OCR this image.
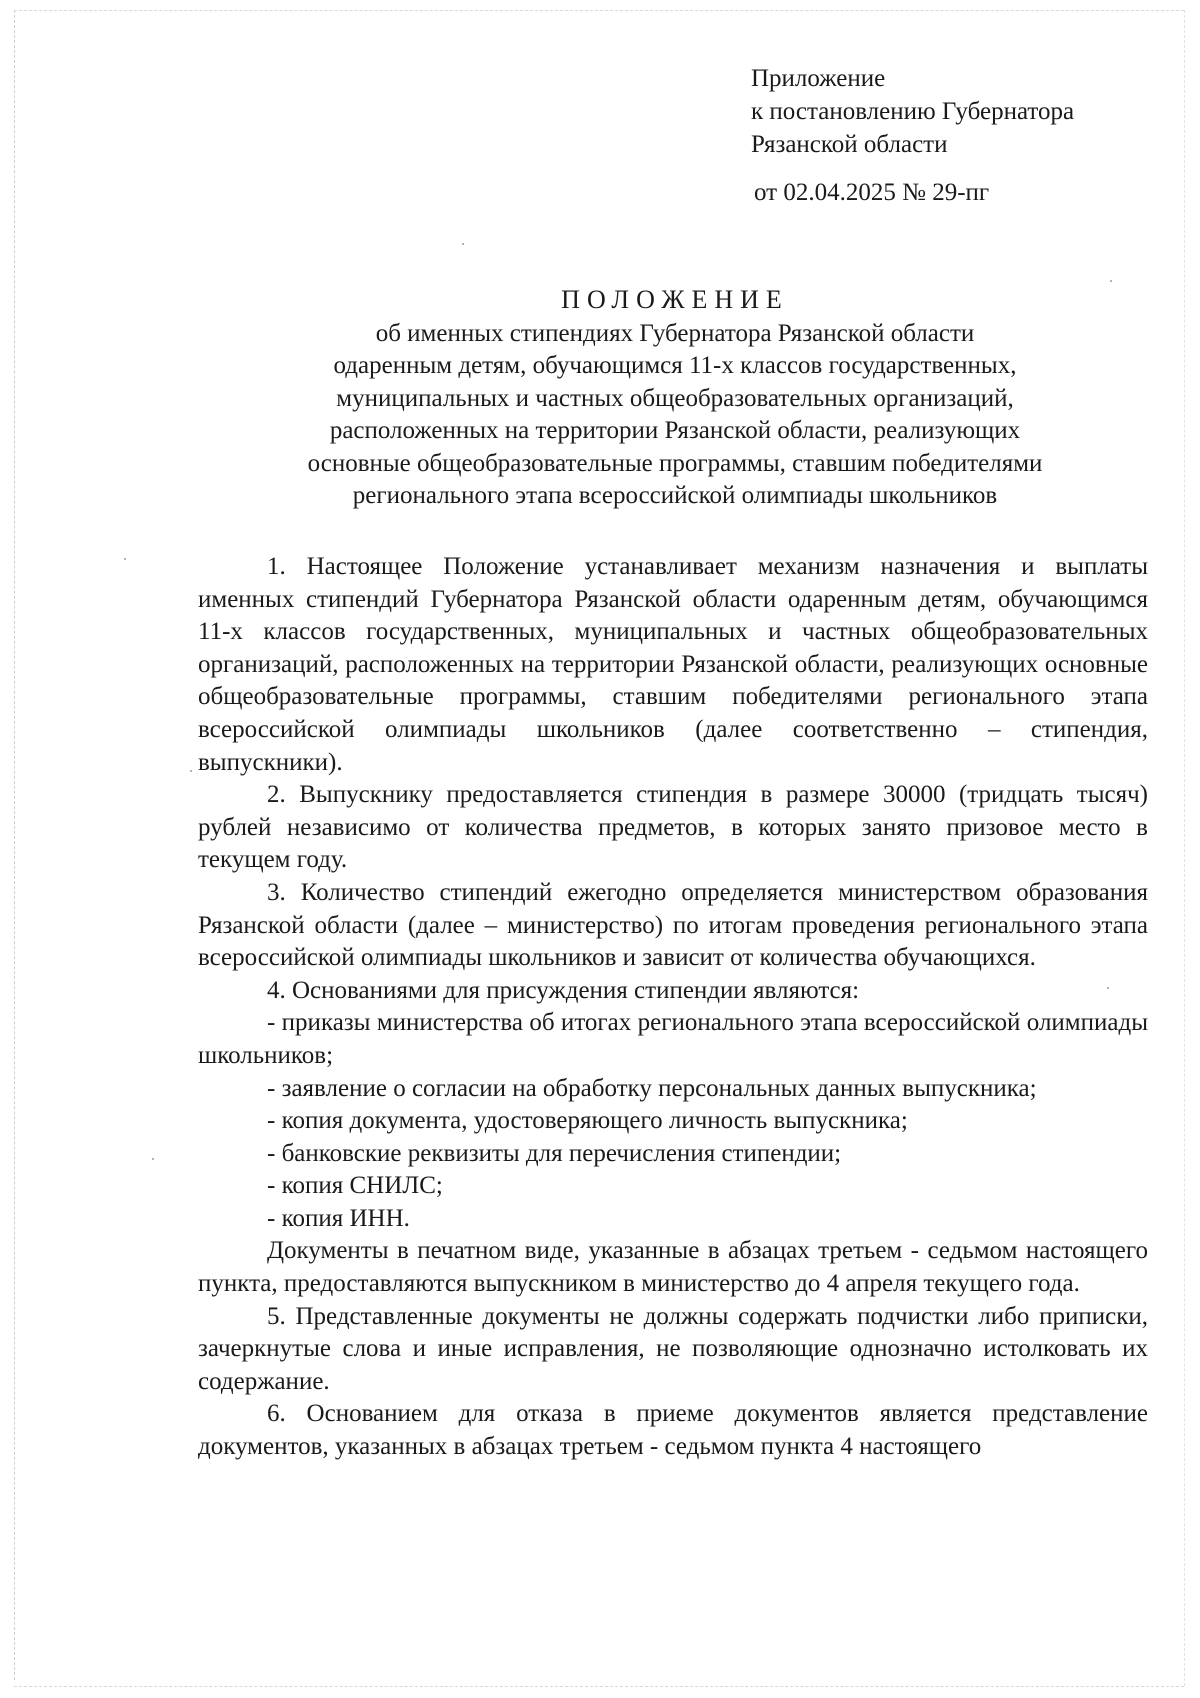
Приложение
к постановлению Губернатора
Рязанской области
от 02.04.2025 № 29-пг
ПОЛОЖЕНИЕ
об именных стипендиях Губернатора Рязанской области
одаренным детям, обучающимся 11-х классов государственных,
муниципальных и частных общеобразовательных организаций,
расположенных на территории Рязанской области, реализующих
основные общеобразовательные программы, ставшим победителями
регионального этапа всероссийской олимпиады школьников

1. Настоящее Положение устанавливает механизм назначения и выплаты именных стипендий Губернатора Рязанской области одаренным детям, обучающимся 11-х классов государственных, муниципальных и частных общеобразовательных организаций, расположенных на территории Рязанской области, реализующих основные общеобразовательные программы, ставшим победителями регионального этапа всероссийской олимпиады школьников (далее соответственно – стипендия, выпускники).

2. Выпускнику предоставляется стипендия в размере 30000 (тридцать тысяч) рублей независимо от количества предметов, в которых занято призовое место в текущем году.

3. Количество стипендий ежегодно определяется министерством образования Рязанской области (далее – министерство) по итогам проведения регионального этапа всероссийской олимпиады школьников и зависит от количества обучающихся.

4. Основаниями для присуждения стипендии являются:

- приказы министерства об итогах регионального этапа всероссийской олимпиады школьников;

- заявление о согласии на обработку персональных данных выпускника;

- копия документа, удостоверяющего личность выпускника;

- банковские реквизиты для перечисления стипендии;

- копия СНИЛС;

- копия ИНН.

Документы в печатном виде, указанные в абзацах третьем - седьмом настоящего пункта, предоставляются выпускником в министерство до 4 апреля текущего года.

5. Представленные документы не должны содержать подчистки либо приписки, зачеркнутые слова и иные исправления, не позволяющие однозначно истолковать их содержание.

6. Основанием для отказа в приеме документов является представление документов, указанных в абзацах третьем - седьмом пункта 4 настоящего
